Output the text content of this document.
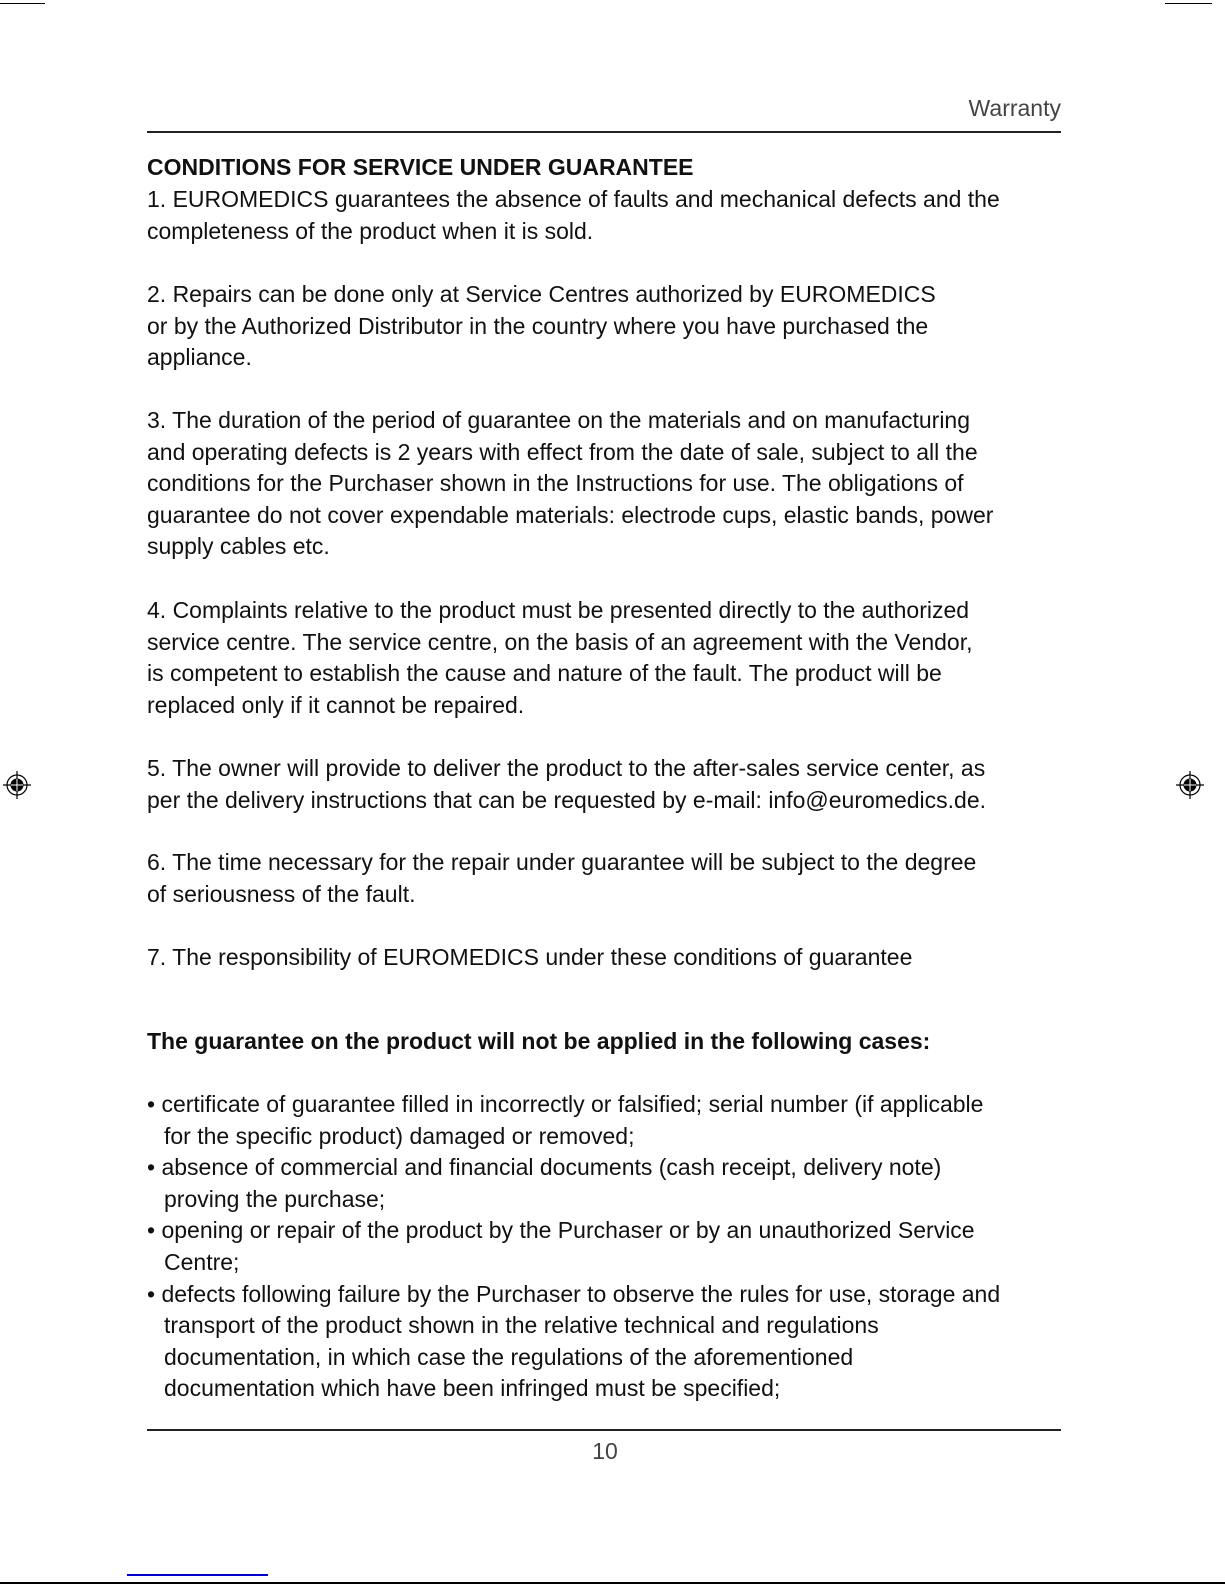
Warranty
CONDITIONS FOR SERVICE UNDER GUARANTEE
1. EUROMEDICS guarantees the absence of faults and mechanical defects and the
completeness of the product when it is sold.
2. Repairs can be done only at Service Centres authorized by EUROMEDICS
or by the Authorized Distributor in the country where you have purchased the
appliance.
3. The duration of the period of guarantee on the materials and on manufacturing
and operating defects is 2 years with effect from the date of sale, subject to all the
conditions for the Purchaser shown in the Instructions for use. The obligations of
guarantee do not cover expendable materials: electrode cups, elastic bands, power
supply cables etc.
4. Complaints relative to the product must be presented directly to the authorized
service centre. The service centre, on the basis of an agreement with the Vendor,
is competent to establish the cause and nature of the fault. The product will be
replaced only if it cannot be repaired.
5. The owner will provide to deliver the product to the after-sales service center, as
per the delivery instructions that can be requested by e-mail: info@euromedics.de.
6. The time necessary for the repair under guarantee will be subject to the degree
of seriousness of the fault.
7. The responsibility of EUROMEDICS under these conditions of guarantee
The guarantee on the product will not be applied in the following cases:
• certificate of guarantee filled in incorrectly or falsified; serial number (if applicable
for the specific product) damaged or removed;
• absence of commercial and financial documents (cash receipt, delivery note)
proving the purchase;
• opening or repair of the product by the Purchaser or by an unauthorized Service
Centre;
• defects following failure by the Purchaser to observe the rules for use, storage and
transport of the product shown in the relative technical and regulations
documentation, in which case the regulations of the aforementioned
documentation which have been infringed must be specified;
10
